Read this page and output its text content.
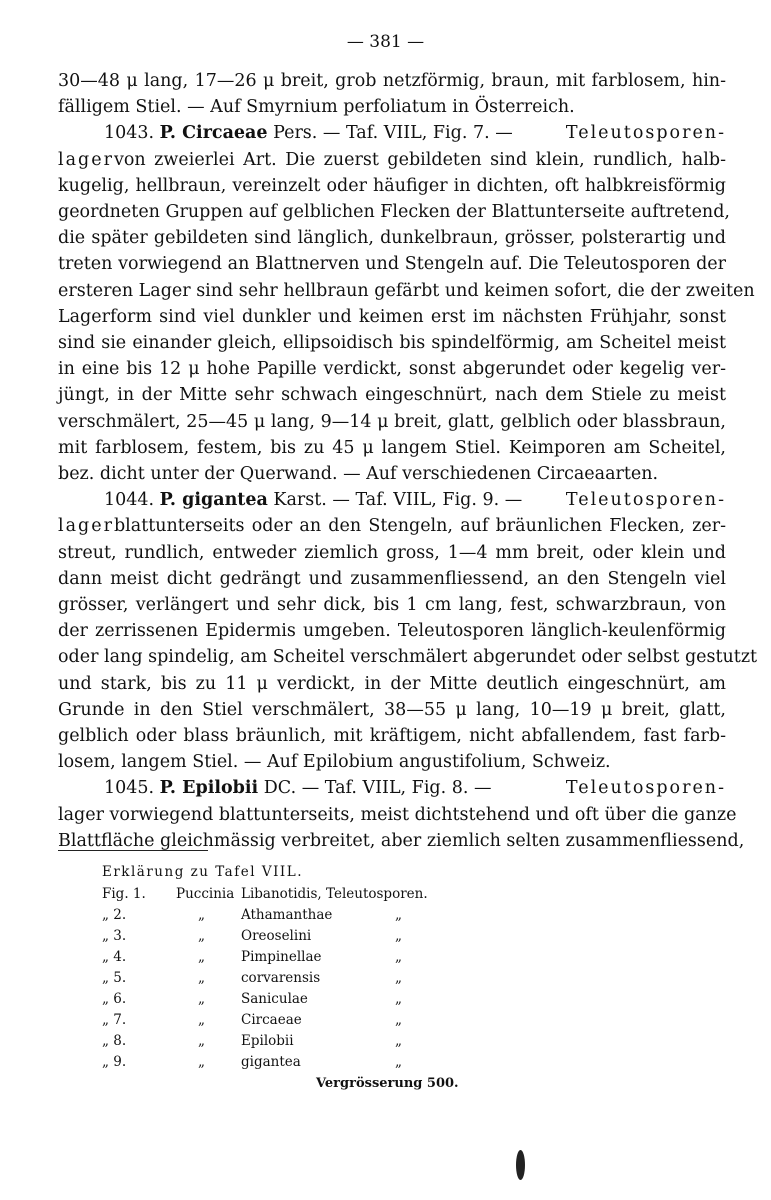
— 381 —
30—48 μ lang, 17—26 μ breit, grob netzförmig, braun, mit farblosem, hin-
fälligem Stiel. — Auf Smyrnium perfoliatum in Österreich.
1043. P. Circaeae Pers. — Taf. VIIL, Fig. 7. —	Teleutosporen-
lager von zweierlei Art. Die zuerst gebildeten sind klein, rundlich, halb-
kugelig, hellbraun, vereinzelt oder häufiger in dichten, oft halbkreisförmig
geordneten Gruppen auf gelblichen Flecken der Blattunterseite auftretend,
die später gebildeten sind länglich, dunkelbraun, grösser, polsterartig und
treten vorwiegend an Blattnerven und Stengeln auf. Die Teleutosporen der
ersteren Lager sind sehr hellbraun gefärbt und keimen sofort, die der zweiten
Lagerform sind viel dunkler und keimen erst im nächsten Frühjahr, sonst
sind sie einander gleich, ellipsoidisch bis spindelförmig, am Scheitel meist
in eine bis 12 μ hohe Papille verdickt, sonst abgerundet oder kegelig ver-
jüngt, in der Mitte sehr schwach eingeschnürt, nach dem Stiele zu meist
verschmälert, 25—45 μ lang, 9—14 μ breit, glatt, gelblich oder blassbraun,
mit farblosem, festem, bis zu 45 μ langem Stiel. Keimporen am Scheitel,
bez. dicht unter der Querwand. — Auf verschiedenen Circaeaarten.
1044. P. gigantea Karst. — Taf. VIIL, Fig. 9. — Teleutosporen-
lager blattunterseits oder an den Stengeln, auf bräunlichen Flecken, zer-
streut, rundlich, entweder ziemlich gross, 1—4 mm breit, oder klein und
dann meist dicht gedrängt und zusammenfliessend, an den Stengeln viel
grösser, verlängert und sehr dick, bis 1 cm lang, fest, schwarzbraun, von
der zerrissenen Epidermis umgeben. Teleutosporen länglich-keulenförmig
oder lang spindelig, am Scheitel verschmälert abgerundet oder selbst gestutzt
und stark, bis zu 11 μ verdickt, in der Mitte deutlich eingeschnürt, am
Grunde in den Stiel verschmälert, 38—55 μ lang, 10—19 μ breit, glatt,
gelblich oder blass bräunlich, mit kräftigem, nicht abfallendem, fast farb-
losem, langem Stiel. — Auf Epilobium angustifolium, Schweiz.
1045. P. Epilobii DC. — Taf. VIIL, Fig. 8. —	Teleutosporen-
lager vorwiegend blattunterseits, meist dichtstehend und oft über die ganze
Blattfläche gleichmässig verbreitet, aber ziemlich selten zusammenfliessend,
Erklärung zu Tafel VIIL.
Fig. 1.	Puccinia Libanotidis, Teleutosporen.
„ 2.	„	Athamanthae	„
„ 3.	„	Oreoselini	„
„ 4.	„	Pimpinellae	„
„ 5.	„	corvarensis	„
„ 6.	„	Saniculae	„
„ 7.	„	Circaeae	„
„ 8.	„	Epilobii	„
„ 9.	„	gigantea	„
Vergrösserung 500.
